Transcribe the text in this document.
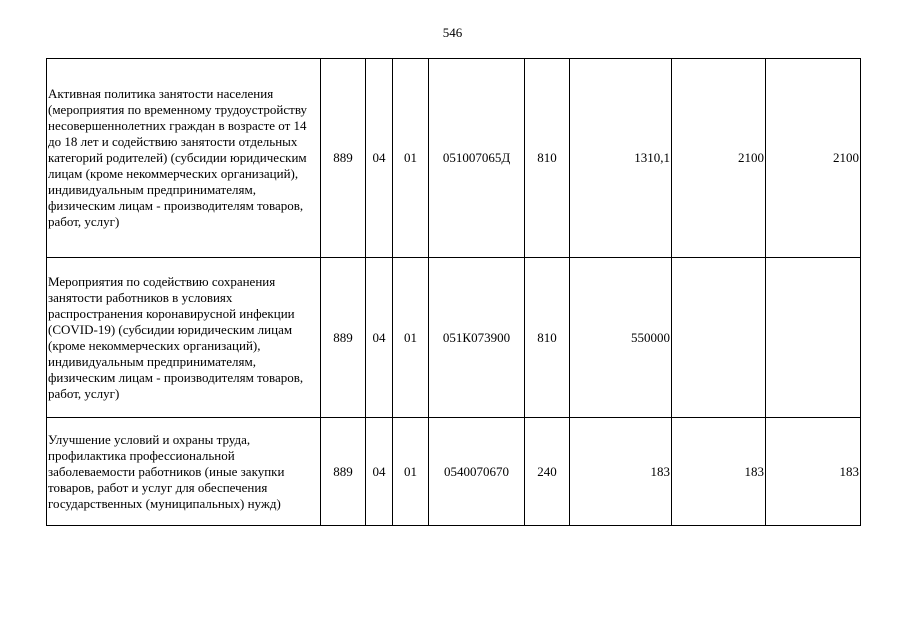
546
Активная политика занятости населения (мероприятия по временному трудоустройству несовершеннолетних граждан в возрасте от 14 до 18 лет и содействию занятости отдельных категорий родителей) (субсидии юридическим лицам (кроме некоммерческих организаций), индивидуальным предпринимателям, физическим лицам - производителям товаров, работ, услуг)	889	04	01	051007065Д	810	1310,1	2100	2100
Мероприятия по содействию сохранения занятости работников в условиях распространения коронавирусной инфекции (COVID-19) (субсидии юридическим лицам (кроме некоммерческих организаций), индивидуальным предпринимателям, физическим лицам - производителям товаров, работ, услуг)	889	04	01	051К073900	810	550000		
Улучшение условий и охраны труда, профилактика профессиональной заболеваемости работников (иные закупки товаров, работ и услуг для обеспечения государственных (муниципальных) нужд)	889	04	01	0540070670	240	183	183	183
